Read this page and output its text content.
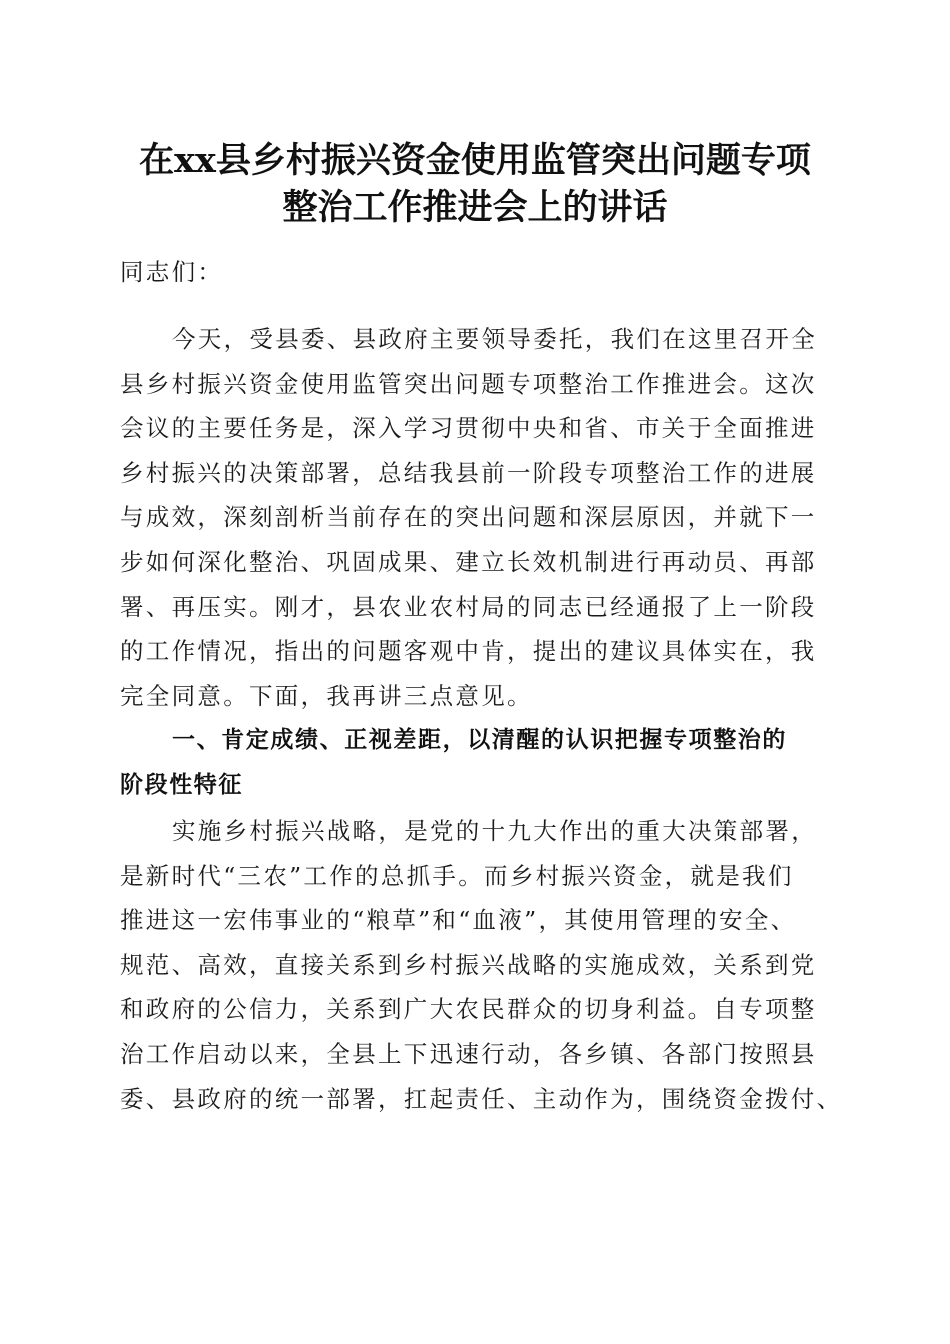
在xx县乡村振兴资金使用监管突出问题专项
整治工作推进会上的讲话
同志们：
今天，受县委、县政府主要领导委托，我们在这里召开全
县乡村振兴资金使用监管突出问题专项整治工作推进会。这次
会议的主要任务是，深入学习贯彻中央和省、市关于全面推进
乡村振兴的决策部署，总结我县前一阶段专项整治工作的进展
与成效，深刻剖析当前存在的突出问题和深层原因，并就下一
步如何深化整治、巩固成果、建立长效机制进行再动员、再部
署、再压实。刚才，县农业农村局的同志已经通报了上一阶段
的工作情况，指出的问题客观中肯，提出的建议具体实在，我
完全同意。下面，我再讲三点意见。
一、肯定成绩、正视差距，以清醒的认识把握专项整治的
阶段性特征
实施乡村振兴战略，是党的十九大作出的重大决策部署，
是新时代“三农”工作的总抓手。而乡村振兴资金，就是我们
推进这一宏伟事业的“粮草”和“血液”，其使用管理的安全、
规范、高效，直接关系到乡村振兴战略的实施成效，关系到党
和政府的公信力，关系到广大农民群众的切身利益。自专项整
治工作启动以来，全县上下迅速行动，各乡镇、各部门按照县
委、县政府的统一部署，扛起责任、主动作为，围绕资金拨付、
